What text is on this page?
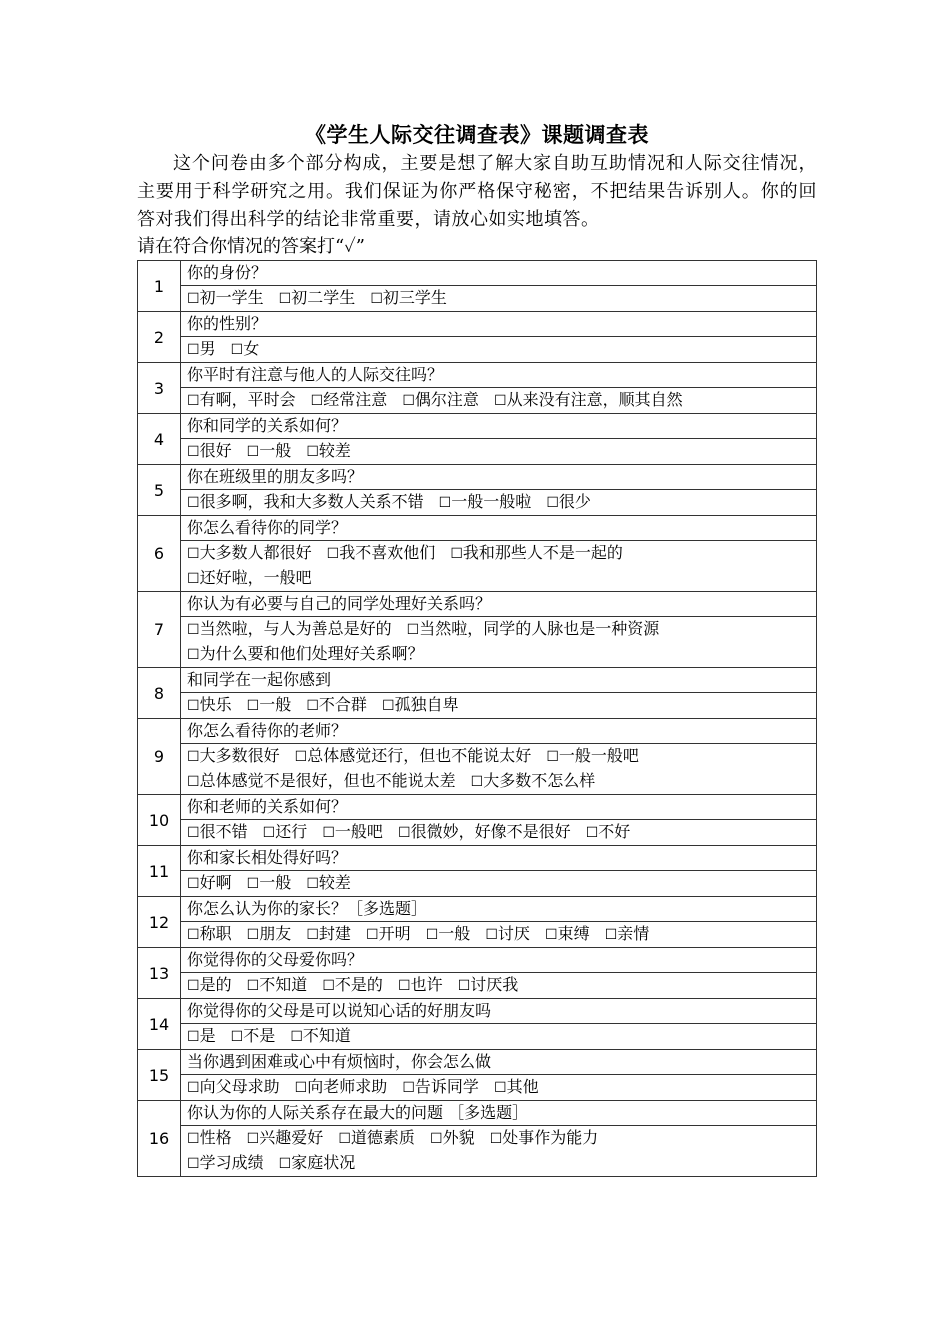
《学生人际交往调查表》课题调查表

这个问卷由多个部分构成，主要是想了解大家自助互助情况和人际交往情况，主要用于科学研究之用。我们保证为你严格保守秘密，不把结果告诉别人。你的回答对我们得出科学的结论非常重要，请放心如实地填答。

请在符合你情况的答案打“✓”

1	你的身份？

	☐初一学生 ☐初二学生 ☐初三学生

2	你的性别？

	☐男 ☐女

3	你平时有注意与他人的人际交往吗？

	☐有啊，平时会 ☐经常注意 ☐偶尔注意 ☐从来没有注意，顺其自然

4	你和同学的关系如何？

	☐很好 ☐一般 ☐较差

5	你在班级里的朋友多吗？

	☐很多啊，我和大多数人关系不错 ☐一般一般啦 ☐很少

6	你怎么看待你的同学？

	☐大多数人都很好 ☐我不喜欢他们 ☐我和那些人不是一起的
☐还好啦，一般吧

7	你认为有必要与自己的同学处理好关系吗？

	☐当然啦，与人为善总是好的 ☐当然啦，同学的人脉也是一种资源
☐为什么要和他们处理好关系啊？

8	和同学在一起你感到

	☐快乐 ☐一般 ☐不合群 ☐孤独自卑

9	你怎么看待你的老师？

	☐大多数很好 ☐总体感觉还行，但也不能说太好 ☐一般一般吧 ☐总体感觉不是很好，但也不能说太差 ☐大多数不怎么样

10	你和老师的关系如何？

	☐很不错 ☐还行 ☐一般吧 ☐很微妙，好像不是很好 ☐不好

11	你和家长相处得好吗？

	☐好啊 ☐一般 ☐较差

12	你怎么认为你的家长？［多选题］

	☐称职 ☐朋友 ☐封建 ☐开明 ☐一般 ☐讨厌 ☐束缚 ☐亲情

13	你觉得你的父母爱你吗？

	☐是的 ☐不知道 ☐不是的 ☐也许 ☐讨厌我

14	你觉得你的父母是可以说知心话的好朋友吗

	☐是 ☐不是 ☐不知道

15	当你遇到困难或心中有烦恼时，你会怎么做

	☐向父母求助 ☐向老师求助 ☐告诉同学 ☐其他

16	你认为你的人际关系存在最大的问题 ［多选题］

	☐性格 ☐兴趣爱好 ☐道德素质 ☐外貌 ☐处事作为能力
☐学习成绩 ☐家庭状况
